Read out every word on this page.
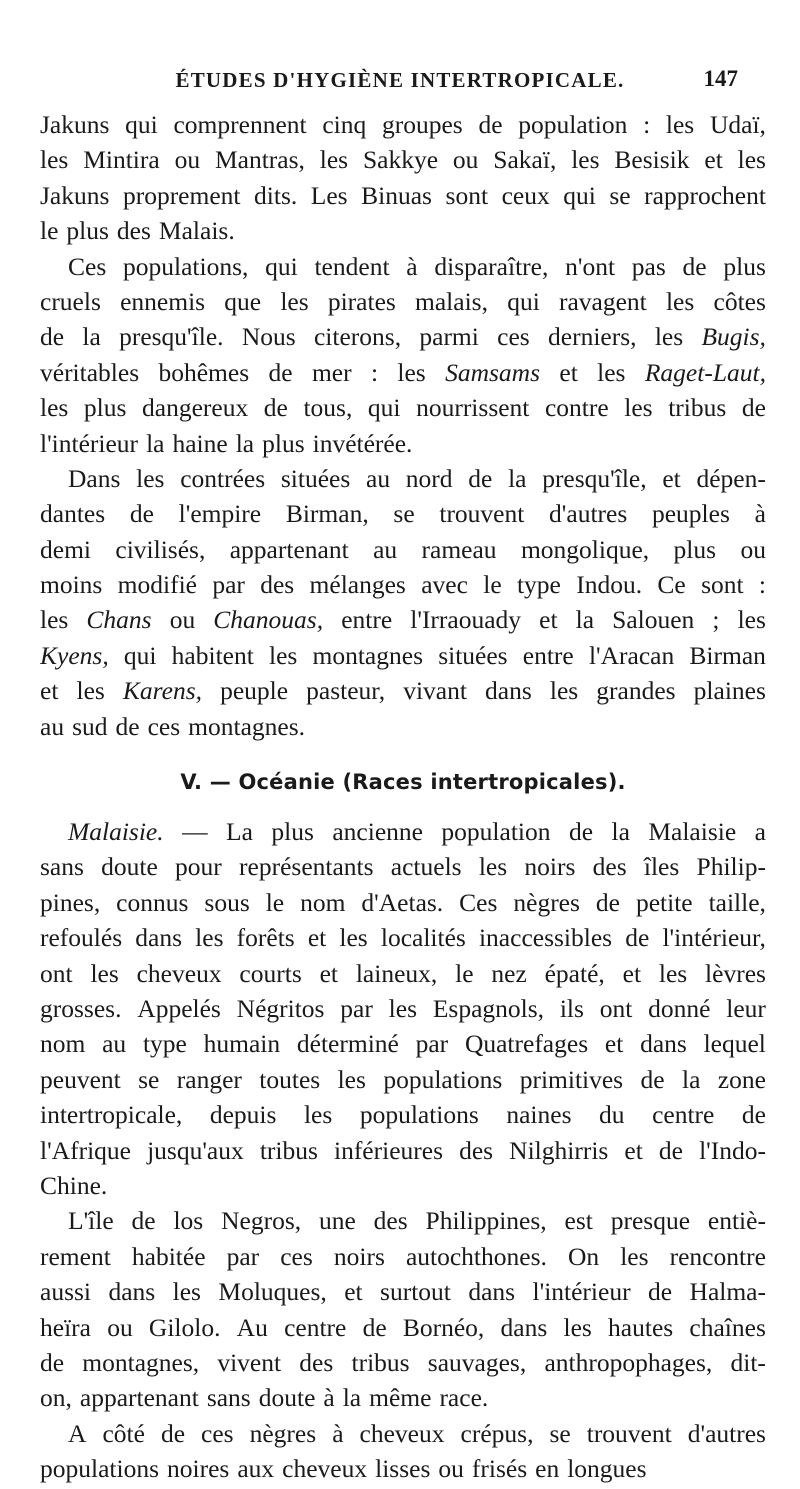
ÉTUDES D'HYGIÈNE INTERTROPICALE.	147
Jakuns qui comprennent cinq groupes de population : les Udaï,
les Mintira ou Mantras, les Sakkye ou Sakaï, les Besisik et les
Jakuns proprement dits. Les Binuas sont ceux qui se rapprochent
le plus des Malais.
Ces populations, qui tendent à disparaître, n'ont pas de plus
cruels ennemis que les pirates malais, qui ravagent les côtes
de la presqu'île. Nous citerons, parmi ces derniers, les Bugis,
véritables bohêmes de mer : les Samsams et les Raget-Laut,
les plus dangereux de tous, qui nourrissent contre les tribus de
l'intérieur la haine la plus invétérée.
Dans les contrées situées au nord de la presqu'île, et dépen-
dantes de l'empire Birman, se trouvent d'autres peuples à
demi civilisés, appartenant au rameau mongolique, plus ou
moins modifié par des mélanges avec le type Indou. Ce sont :
les Chans ou Chanouas, entre l'Irraouady et la Salouen ; les
Kyens, qui habitent les montagnes situées entre l'Aracan Birman
et les Karens, peuple pasteur, vivant dans les grandes plaines
au sud de ces montagnes.
V. — Océanie (Races intertropicales).
Malaisie. — La plus ancienne population de la Malaisie a
sans doute pour représentants actuels les noirs des îles Philip-
pines, connus sous le nom d'Aetas. Ces nègres de petite taille,
refoulés dans les forêts et les localités inaccessibles de l'intérieur,
ont les cheveux courts et laineux, le nez épaté, et les lèvres
grosses. Appelés Négritos par les Espagnols, ils ont donné leur
nom au type humain déterminé par Quatrefages et dans lequel
peuvent se ranger toutes les populations primitives de la zone
intertropicale, depuis les populations naines du centre de
l'Afrique jusqu'aux tribus inférieures des Nilghirris et de l'Indo-
Chine.
L'île de los Negros, une des Philippines, est presque entiè-
rement habitée par ces noirs autochthones. On les rencontre
aussi dans les Moluques, et surtout dans l'intérieur de Halma-
heïra ou Gilolo. Au centre de Bornéo, dans les hautes chaînes
de montagnes, vivent des tribus sauvages, anthropophages, dit-
on, appartenant sans doute à la même race.
A côté de ces nègres à cheveux crépus, se trouvent d'autres
populations noires aux cheveux lisses ou frisés en longues
